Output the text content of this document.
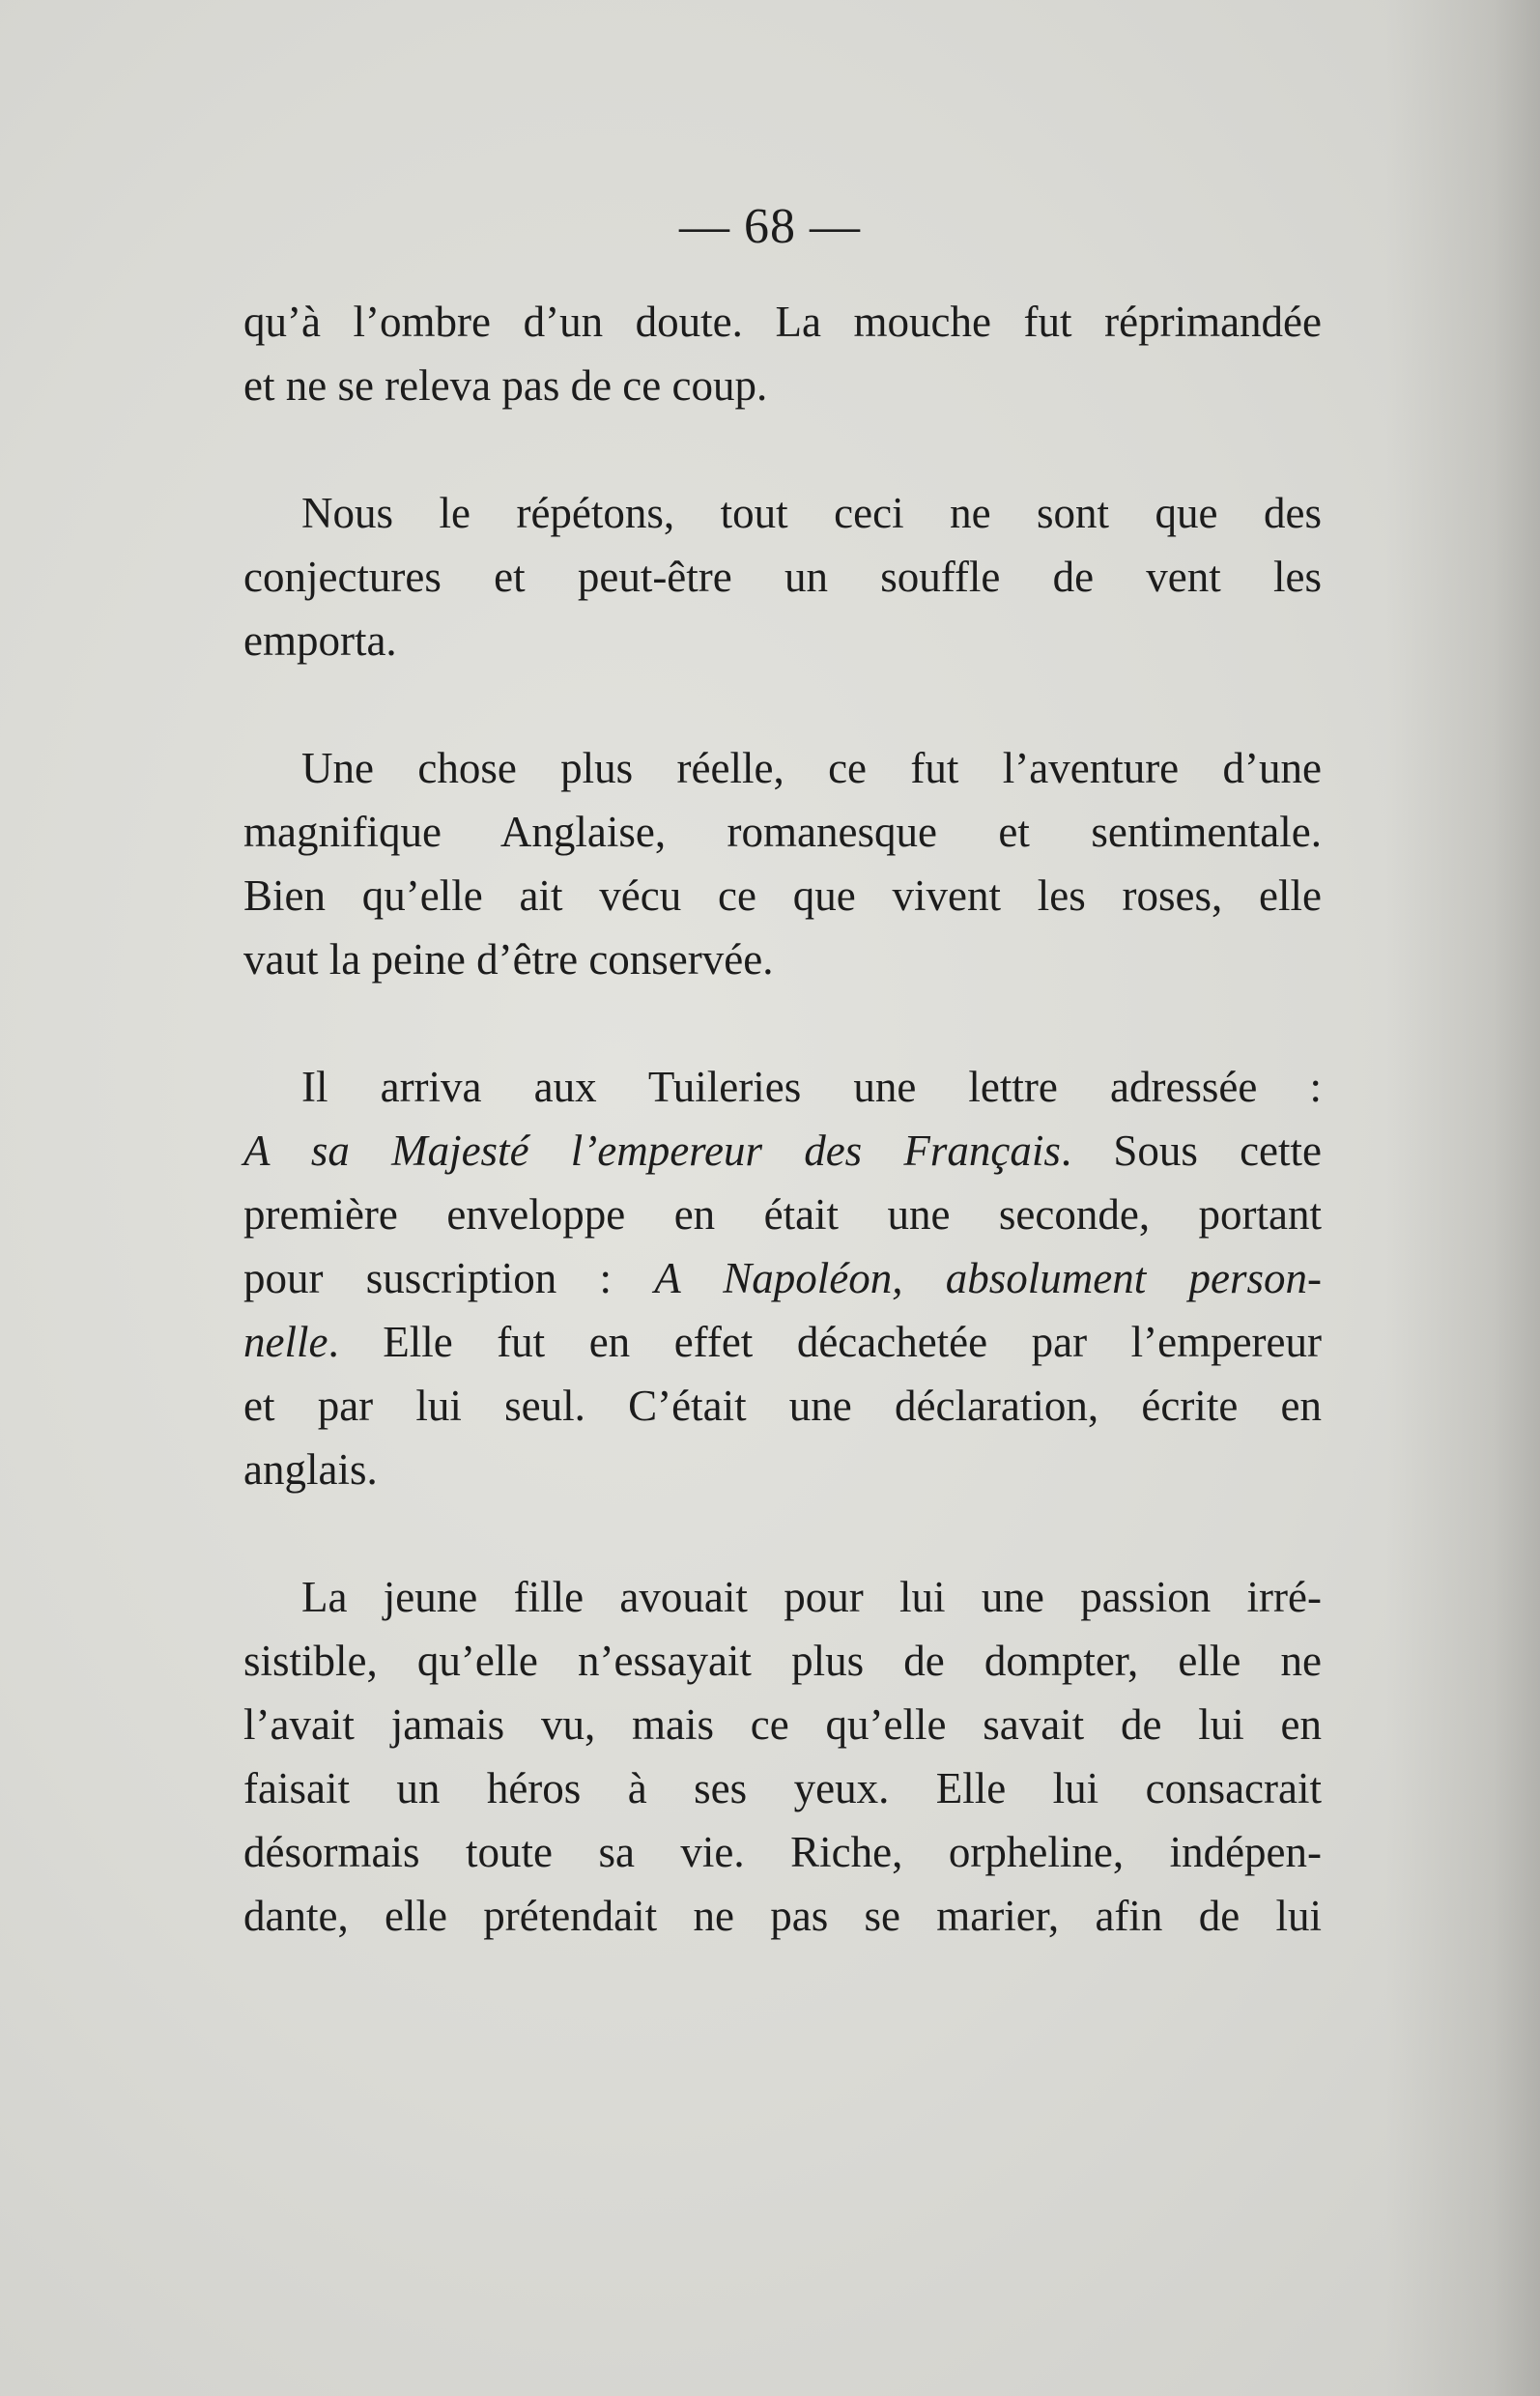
— 68 —
qu’à l’ombre d’un doute. La mouche fut réprimandée
et ne se releva pas de ce coup.
Nous le répétons, tout ceci ne sont que des
conjectures et peut-être un souffle de vent les
emporta.
Une chose plus réelle, ce fut l’aventure d’une
magnifique Anglaise, romanesque et sentimentale.
Bien qu’elle ait vécu ce que vivent les roses, elle
vaut la peine d’être conservée.
Il arriva aux Tuileries une lettre adressée :
A sa Majesté l’empereur des Français. Sous cette
première enveloppe en était une seconde, portant
pour suscription : A Napoléon, absolument person-
nelle. Elle fut en effet décachetée par l’empereur
et par lui seul. C’était une déclaration, écrite en
anglais.
La jeune fille avouait pour lui une passion irré-
sistible, qu’elle n’essayait plus de dompter, elle ne
l’avait jamais vu, mais ce qu’elle savait de lui en
faisait un héros à ses yeux. Elle lui consacrait
désormais toute sa vie. Riche, orpheline, indépen-
dante, elle prétendait ne pas se marier, afin de lui
